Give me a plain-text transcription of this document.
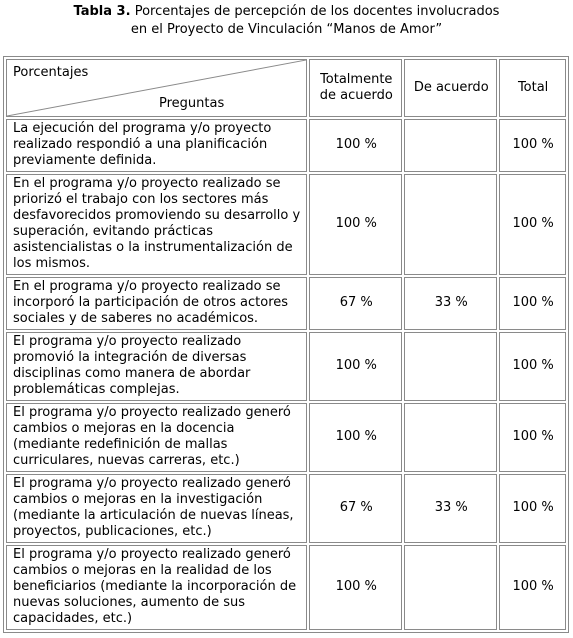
Tabla 3. Porcentajes de percepción de los docentes involucrados
en el Proyecto de Vinculación “Manos de Amor”
Porcentajes
Preguntas	Totalmente de acuerdo	De acuerdo	Total
La ejecución del programa y/o proyecto realizado respondió a una planificación previamente definida.	100 %		100 %
En el programa y/o proyecto realizado se priorizó el trabajo con los sectores más desfavorecidos promoviendo su desarrollo y superación, evitando prácticas asistencialistas o la instrumentalización de los mismos.	100 %		100 %
En el programa y/o proyecto realizado se incorporó la participación de otros actores sociales y de saberes no académicos.	67 %	33 %	100 %
El programa y/o proyecto realizado promovió la integración de diversas disciplinas como manera de abordar problemáticas complejas.	100 %		100 %
El programa y/o proyecto realizado generó cambios o mejoras en la docencia (mediante redefinición de mallas curriculares, nuevas carreras, etc.)	100 %		100 %
El programa y/o proyecto realizado generó cambios o mejoras en la investigación (mediante la articulación de nuevas líneas, proyectos, publicaciones, etc.)	67 %	33 %	100 %
El programa y/o proyecto realizado generó cambios o mejoras en la realidad de los beneficiarios (mediante la incorporación de nuevas soluciones, aumento de sus capacidades, etc.)	100 %		100 %
